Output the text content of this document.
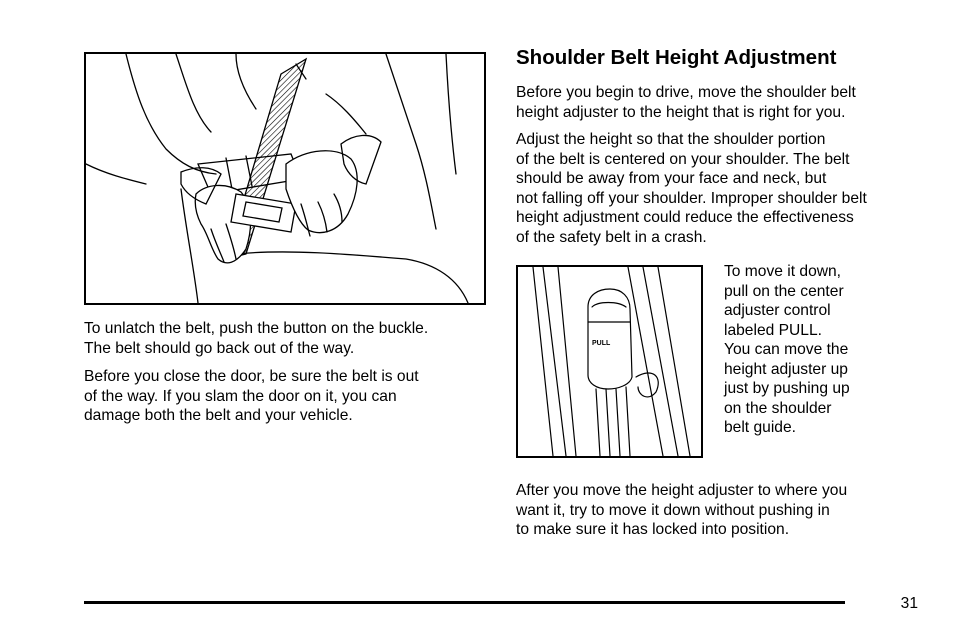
To unlatch the belt, push the button on the buckle.
The belt should go back out of the way.

Before you close the door, be sure the belt is out
of the way. If you slam the door on it, you can
damage both the belt and your vehicle.

Shoulder Belt Height Adjustment

Before you begin to drive, move the shoulder belt
height adjuster to the height that is right for you.

Adjust the height so that the shoulder portion
of the belt is centered on your shoulder. The belt
should be away from your face and neck, but
not falling off your shoulder. Improper shoulder belt
height adjustment could reduce the effectiveness
of the safety belt in a crash.

PULL

To move it down,
pull on the center
adjuster control
labeled PULL.
You can move the
height adjuster up
just by pushing up
on the shoulder
belt guide.

After you move the height adjuster to where you
want it, try to move it down without pushing in
to make sure it has locked into position.

31
